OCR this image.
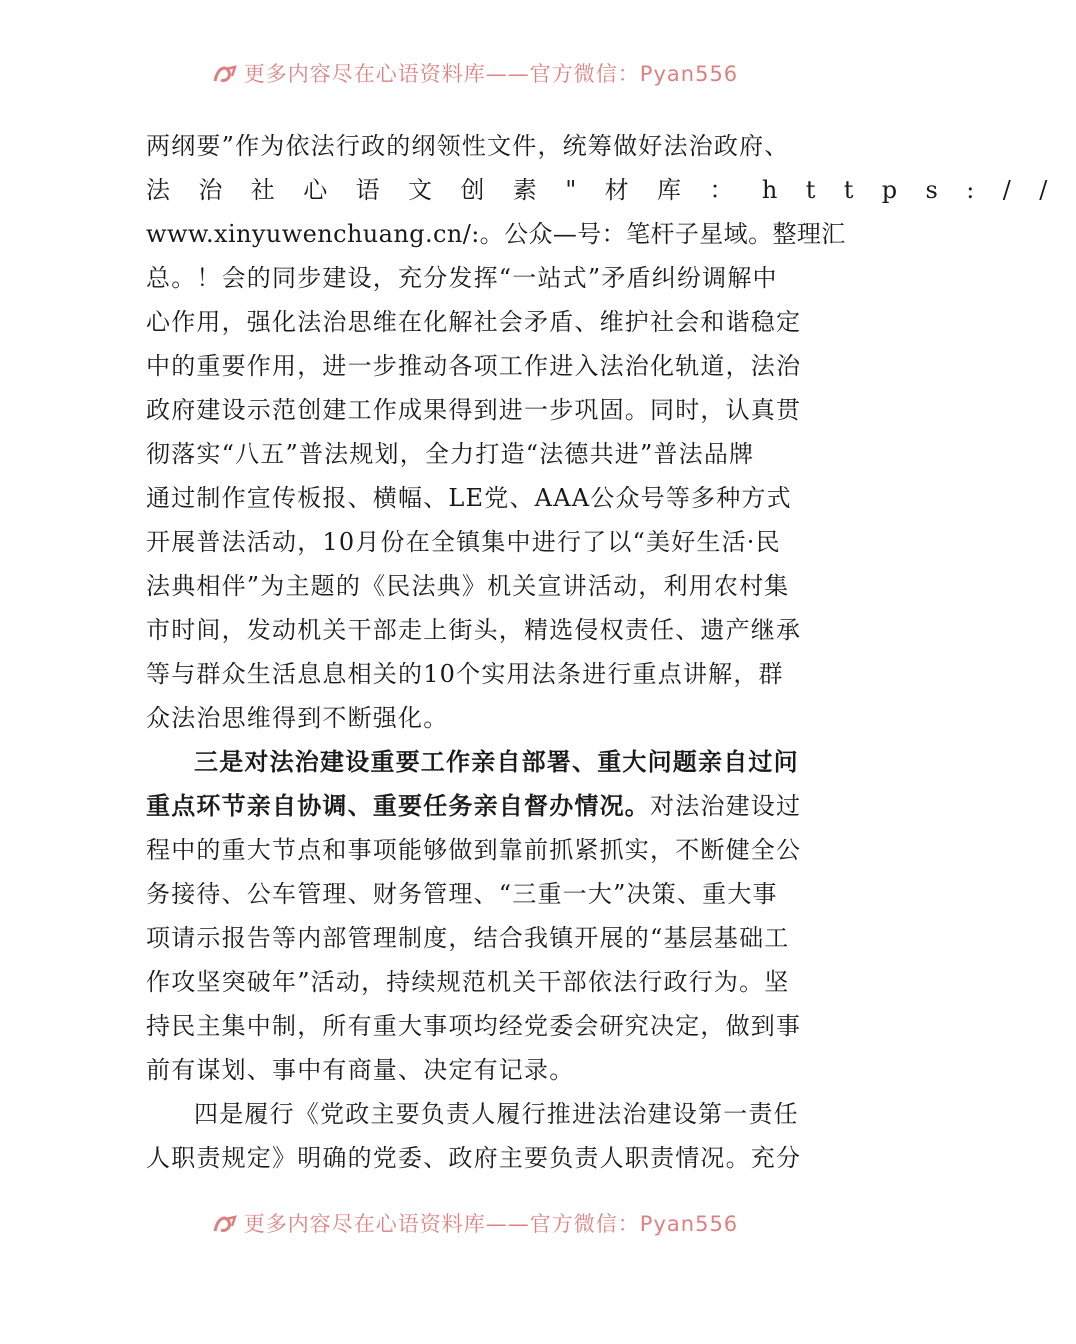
更多内容尽在心语资料库——官方微信：Pyan556
两纲要”作为依法行政的纲领性文件，统筹做好法治政府、
法治社心语文创素"材库：https://
www.xinyuwenchuang.cn/:。公众—号：笔杆子星域。整理汇
总。！会的同步建设，充分发挥“一站式”矛盾纠纷调解中
心作用，强化法治思维在化解社会矛盾、维护社会和谐稳定
中的重要作用，进一步推动各项工作进入法治化轨道，法治
政府建设示范创建工作成果得到进一步巩固。同时，认真贯
彻落实“八五”普法规划，全力打造“法德共进”普法品牌
通过制作宣传板报、横幅、LE党、AAA公众号等多种方式
开展普法活动，10月份在全镇集中进行了以“美好生活·民
法典相伴”为主题的《民法典》机关宣讲活动，利用农村集
市时间，发动机关干部走上街头，精选侵权责任、遗产继承
等与群众生活息息相关的10个实用法条进行重点讲解，群
众法治思维得到不断强化。
三是对法治建设重要工作亲自部署、重大问题亲自过问
重点环节亲自协调、重要任务亲自督办情况。对法治建设过
程中的重大节点和事项能够做到靠前抓紧抓实，不断健全公
务接待、公车管理、财务管理、“三重一大”决策、重大事
项请示报告等内部管理制度，结合我镇开展的“基层基础工
作攻坚突破年”活动，持续规范机关干部依法行政行为。坚
持民主集中制，所有重大事项均经党委会研究决定，做到事
前有谋划、事中有商量、决定有记录。
四是履行《党政主要负责人履行推进法治建设第一责任
人职责规定》明确的党委、政府主要负责人职责情况。充分
更多内容尽在心语资料库——官方微信：Pyan556
